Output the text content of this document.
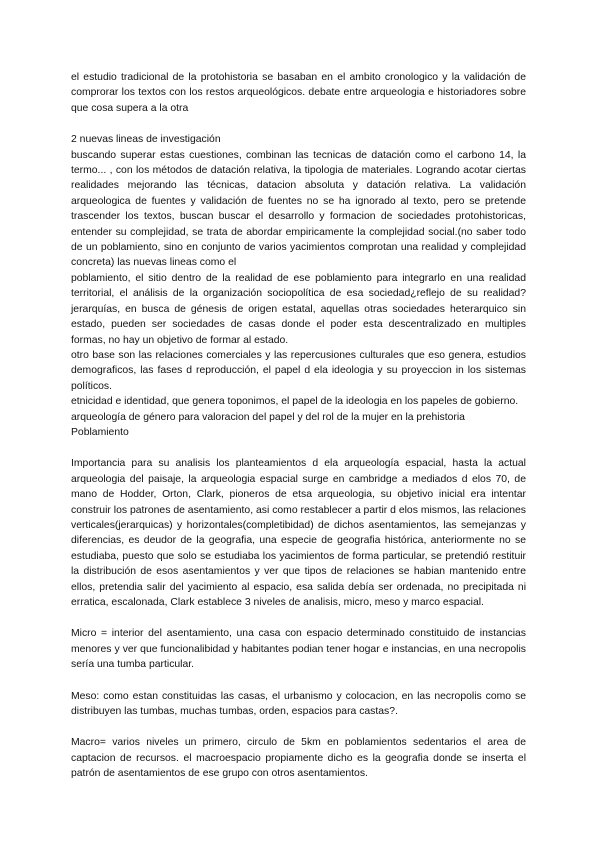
el estudio tradicional de la protohistoria se basaban en el ambito cronologico y la validación de comprorar los textos con los restos arqueológicos. debate entre arqueologia e historiadores sobre que cosa supera a la otra

2 nuevas lineas de investigación

buscando superar estas cuestiones, combinan las tecnicas de datación como el carbono 14, la termo... , con los métodos de datación relativa, la tipologia de materiales. Logrando acotar ciertas realidades mejorando las técnicas, datacion absoluta y datación relativa. La validación arqueologica de fuentes y validación de fuentes no se ha ignorado al texto, pero se pretende trascender los textos, buscan buscar el desarrollo y formacion de sociedades protohistoricas, entender su complejidad, se trata de abordar empiricamente la complejidad social.(no saber todo de un poblamiento, sino en conjunto de varios yacimientos comprotan una realidad y complejidad concreta) las nuevas lineas como el

poblamiento, el sitio dentro de la realidad de ese poblamiento para integrarlo en una realidad territorial, el análisis de la organización sociopolítica de esa sociedad¿reflejo de su realidad? jerarquías, en busca de génesis de origen estatal, aquellas otras sociedades heterarquico sin estado, pueden ser sociedades de casas donde el poder esta descentralizado en multiples formas, no hay un objetivo de formar al estado.

otro base son las relaciones comerciales y las repercusiones culturales que eso genera, estudios demograficos, las fases d reproducción, el papel d ela ideologia y su proyeccion in los sistemas políticos.

etnicidad e identidad, que genera toponimos, el papel de la ideologia en los papeles de gobierno.

arqueología de género para valoracion del papel y del rol de la mujer en la prehistoria

Poblamiento

Importancia para su analisis los planteamientos d ela arqueología espacial, hasta la actual arqueologia del paisaje, la arqueologia espacial surge en cambridge a mediados d elos 70, de mano de Hodder, Orton, Clark, pioneros de etsa arqueologia, su objetivo inicial era intentar construir los patrones de asentamiento, asi como restablecer a partir d elos mismos, las relaciones verticales(jerarquicas) y horizontales(completibidad) de dichos asentamientos, las semejanzas y diferencias, es deudor de la geografia, una especie de geografia histórica, anteriormente no se estudiaba, puesto que solo se estudiaba los yacimientos de forma particular, se pretendió restituir la distribución de esos asentamientos y ver que tipos de relaciones se habian mantenido entre ellos, pretendia salir del yacimiento al espacio, esa salida debía ser ordenada, no precipitada ni erratica, escalonada, Clark establece 3 niveles de analisis, micro, meso y marco espacial.

Micro = interior del asentamiento, una casa con espacio determinado constituido de instancias menores y ver que funcionalibidad y habitantes podian tener hogar e instancias, en una necropolis sería una tumba particular.

Meso: como estan constituidas las casas, el urbanismo y colocacion, en las necropolis como se distribuyen las tumbas, muchas tumbas, orden, espacios para castas?.

Macro= varios niveles un primero, circulo de 5km en poblamientos sedentarios el area de captacion de recursos. el macroespacio propiamente dicho es la geografia donde se inserta el patrón de asentamientos de ese grupo con otros asentamientos.
